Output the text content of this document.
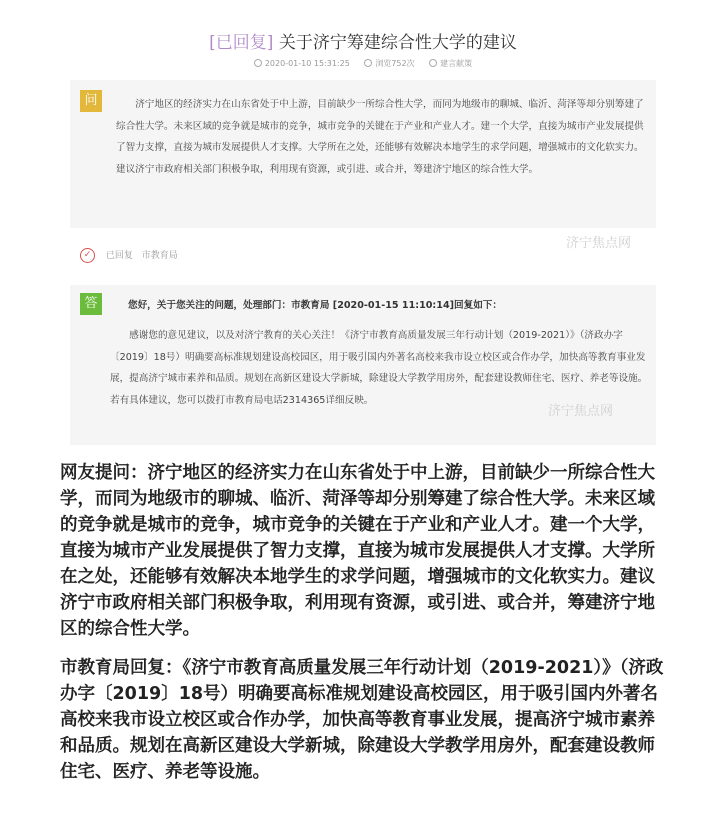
[已回复] 关于济宁筹建综合性大学的建议
2020-01-10 15:31:25	浏览752次	建言献策
问	济宁地区的经济实力在山东省处于中上游，目前缺少一所综合性大学，而同为地级市的聊城、临沂、菏泽等却分别筹建了综合性大学。未来区域的竞争就是城市的竞争，城市竞争的关键在于产业和产业人才。建一个大学，直接为城市产业发展提供了智力支撑，直接为城市发展提供人才支撑。大学所在之处，还能够有效解决本地学生的求学问题，增强城市的文化软实力。 建议济宁市政府相关部门积极争取，利用现有资源，或引进、或合并，筹建济宁地区的综合性大学。
✓ 已回复 市教育局
答	您好，关于您关注的问题，处理部门：市教育局 [2020-01-15 11:10:14]回复如下：
感谢您的意见建议，以及对济宁教育的关心关注！《济宁市教育高质量发展三年行动计划（2019-2021）》（济政办字〔2019〕18号）明确要高标准规划建设高校园区，用于吸引国内外著名高校来我市设立校区或合作办学，加快高等教育事业发展，提高济宁城市素养和品质。规划在高新区建设大学新城，除建设大学教学用房外，配套建设教师住宅、医疗、养老等设施。若有具体建议，您可以拨打市教育局电话2314365详细反映。
济宁焦点网
济宁焦点网
网友提问：济宁地区的经济实力在山东省处于中上游，目前缺少一所综合性大学，而同为地级市的聊城、临沂、菏泽等却分别筹建了综合性大学。未来区域的竞争就是城市的竞争，城市竞争的关键在于产业和产业人才。建一个大学，直接为城市产业发展提供了智力支撑，直接为城市发展提供人才支撑。大学所在之处，还能够有效解决本地学生的求学问题，增强城市的文化软实力。建议济宁市政府相关部门积极争取，利用现有资源，或引进、或合并，筹建济宁地区的综合性大学。
市教育局回复：《济宁市教育高质量发展三年行动计划（2019-2021）》（济政办字〔2019〕18号）明确要高标准规划建设高校园区，用于吸引国内外著名高校来我市设立校区或合作办学，加快高等教育事业发展，提高济宁城市素养和品质。规划在高新区建设大学新城，除建设大学教学用房外，配套建设教师住宅、医疗、养老等设施。
